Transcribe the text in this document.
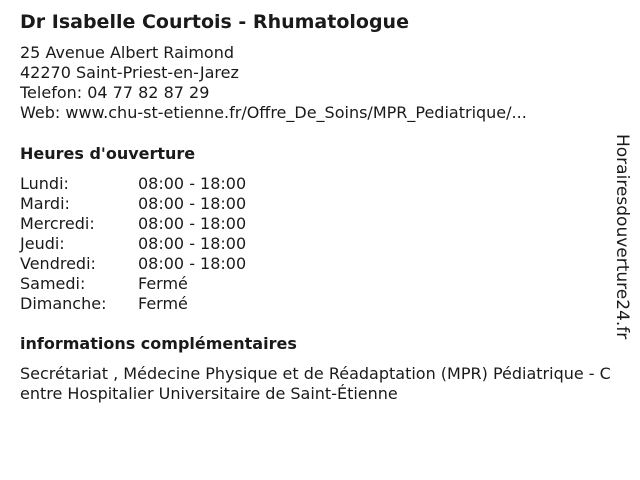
Dr Isabelle Courtois - Rhumatologue
25 Avenue Albert Raimond
42270 Saint-Priest-en-Jarez
Telefon: 04 77 82 87 29
Web: www.chu-st-etienne.fr/Offre_De_Soins/MPR_Pediatrique/...
Heures d'ouverture
Lundi:	08:00 - 18:00
Mardi:	08:00 - 18:00
Mercredi:	08:00 - 18:00
Jeudi:	08:00 - 18:00
Vendredi:	08:00 - 18:00
Samedi:	Fermé
Dimanche: Fermé
informations complémentaires
Secrétariat , Médecine Physique et de Réadaptation (MPR) Pédiatrique - Centre Hospitalier Universitaire de Saint-Étienne
Horairesdouverture24.fr
